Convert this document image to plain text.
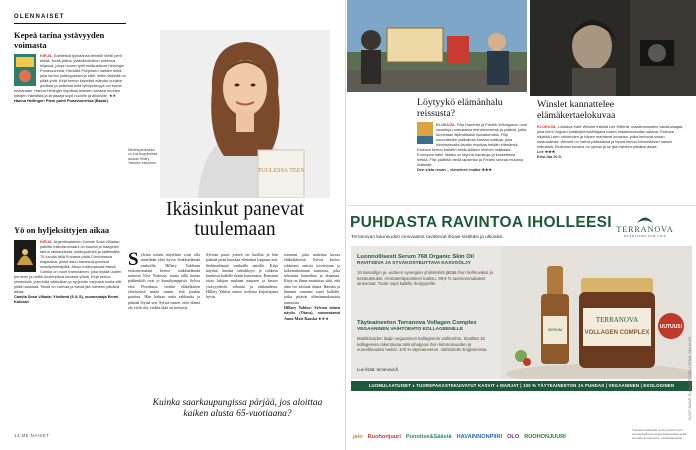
OLENNAISET
Kepeä tarina ystävyyden voimasta
KIRJA. Edelleistä työnäänsä teheille Mellil perti tietää. Kesä jatkuu ystäväkolmikon toisessa kirjassa, jossa nuoret tytöt matkustavat Helsingin Punavuoresta, Herkällä Pohjoisen naisten tiellä, joka kertoo ystävyydestä ja siitä, miten tärkeää on pitää yhtä. Kirja kertoo kepeästi elämän nurjista puolista ja kaikesta mitä tyttöystävyys voi tuoda mukanaan. Hanna Hellinger kirjoittaa teoksen kanssa nuorten tyttöjen elämästä ja kirjasarja sopii nuorille ja aikuisille. ★★
Hanna Hellinger: Pieni punti Punavuoressa (Bazar)
Yö on hyljeksittyjen aikaa
KIRJA. Argentiinalainen Camila Sosa Villadan palkittu esikoisromaani on kuuma ja traaginen tarina rakkaudesta, ystävyydestä ja säälimättä. 70-luvulla tällä Encarna pitää Córdobassa majataloa, jossa asuu transsukupuolisia seksityöntekijöitä. Atsuo kotiinpaluuta etsivä Camila on nuori transnainen, joka löytää uuden perheen ja heiltä huolenpitoa kovasta yöstä. Kirja kertoo yhteisöstä, joka elää väkivallan ja syrjinnän varjossa mutta silti pitää hauskaa. Teksti on vahvaa ja tarina jää mieleen pitkäksi aikaa.
Camila Sosa Villada: Yöelämä (S & S), suomentaja Emmi Kalssan
TUULESSA TEEN
Menestysromaani on Los Angelesissa asuvan Hillary Yablonin esikoinen.
Ikäsinkut panevat tuulemaan
S ylvian toinen näytelmä voisi olla nimeltään yhtä hyvin Sinkkuelämää vanhoille. Hillary Yablonin esikoisromaani kertoo sinkkuelämää naisesta New Yorkissa, mutta tällä kertaa päähenkilö ovat jo kuusikymppisiä. Sylvia etsii Floridassa viettää eläkeläisten yhteisöissä mutta tuntee, että jotakin puuttuu. Hän haluaa uutta rakkautta ja päättää löytää sen. Sylvia tuntee, ettei elämä ole vielä ohi, vaikka ikää on kertynyt.
Sylvian paras ystävä on kuollut ja hän päättää pitää hauskaa elämänsä loppuun asti. Sinkkuelämää vanhoille naisille. Kirja näyttää, kuinka seksikkyys ja rohkeus kuuluvat kaikille ikään katsomatta. Romaani ottaa lukijan mukaan nauraen ja kertoo ystävyydestä, seksistä ja rakkaudesta. Hillary Yablon tuntee roolinsa kirjoittajana hyvin.
romaani, joka tuulettaa kuvaa eläkeikäisistä. Sylvia kertoo rohkeasti omista toiveistaan ja kokemuksistaan tarinassa, joka sekoittaa komediaa ja draamaa. Kirja on ihana muistutus siitä, että aina voi aloittaa alusta. Hauska ja lämmin romaani sopii kaikille, jotka pitävät elämänmakuisista tarinoista.
Hillary Yablon: Sylvian toinen näytös (Otava), suomentanut Anna-Mari Raaska ★★★
Kuinka saarkaupungissa pärjää, jos aloittaa kaiken alusta 65-vuotiaana?
14 ME NAISET
Löytyykö elämänhalu reissusta?
ELOKUVA. Filip Hammar ja Fredrik Wikingsson ovat suosituja ruotsalaisia televisiomiehiä ja ystäviä, jotka tunnetaan äijämäisistä hulvattomista. Filip suunnittelee ystävänsä kanssa matkaa, joka kiinnostavalla tavalla muuttaa heidän elämänsä. Elokuva kertoo kahden keski-ikäisen miehen matkasta Euroopan halki. Matka on täynnä hauskoja ja koskettavia hetkiä. Filip päättää viedä lapsensa ja Fredrik seuraa mukana matkalle.
Den sista resan – viimeinen matka ★★★
Winslet kannattelee elämäkertaelokuvaa
ELOKUVA. Loistava Kate Winslet esittää Lee Milleriä, maailmansotien valokuvaajaa, joka toimi Voguen sotakirjeenvaihtajana toisen maailmansodan aikana. Elokuva näyttää Leen rohkeuden ja hänen mahtavat kuvansa, jotka kertovat sodan raakuudesta. Winslet on vahva pääosassa ja tarina kertoo kiinnostavan naisen elämästä. Elokuvan kuvaus on upeaa ja se jää mieleen pitkäksi aikaa.
Lee ★★★
Ensi-ilta 20.9.
PUHDASTA RAVINTOA IHOLLEESI
Terranovan kauneuden innovaatiot ravitsevat ihoasi sisältäsi ja ulkoaksi.
TERRANOVA
NUTRITION FOR LIFE
Luonnollisesti Serum 768 Organic Skin Oil
RAVITSEVA JA SYVÄKOSTEUTTAVA KASVOÖLJY
16 kasviöljyn ja -uutteen synergian yhdistelmä jättää ihon hehkuvaksi ja kosteutetuksi. Aromaterapeuttinen tuoksu. 99,9 % luonnonmukaiset ainesosat. Tuote sopii kaikille ihotyypeille.
Täyteaineeton Terranova Vollagen Complex
VEGAANINEN VAIHTOEHTO KOLLAGEENILLE
Markkinoiden laajin vegaaninen kollageenin vaihtoehto. Sisältää 18 kollageenia rakentavaa aminohappoa ihon kimmoisuuden ja nuorekkuuden tueksi. 100 % täyteaineeton. Valmistettu Englannissa.
Lue lisää: terranova.fi
SERUM
TERRANOVA
VOLLAGEN COMPLEX
UUTUUS!
LUOMULAATUISET ♦ TUOREPAKASTEKUIVATUT KASVIT ♦ MARJAT | 100 % TÄYTEAINEETON JA PUHDAS | VEGAANINEN | EKOLOGINEN	KUVAT: BAZAR, ELOKUVAPALVELU, OTAVA, S&S JA UPI
jalo Ruohonjuuri Punnitse&Säästä HAVAINNONPIIRI OLO RUOHONJUURI
Tuotteita saatavilla myös muista hyvin varustetuista terveystuotekaupoista sekä suoraan Terranova.fi -verkkokaupasta.
